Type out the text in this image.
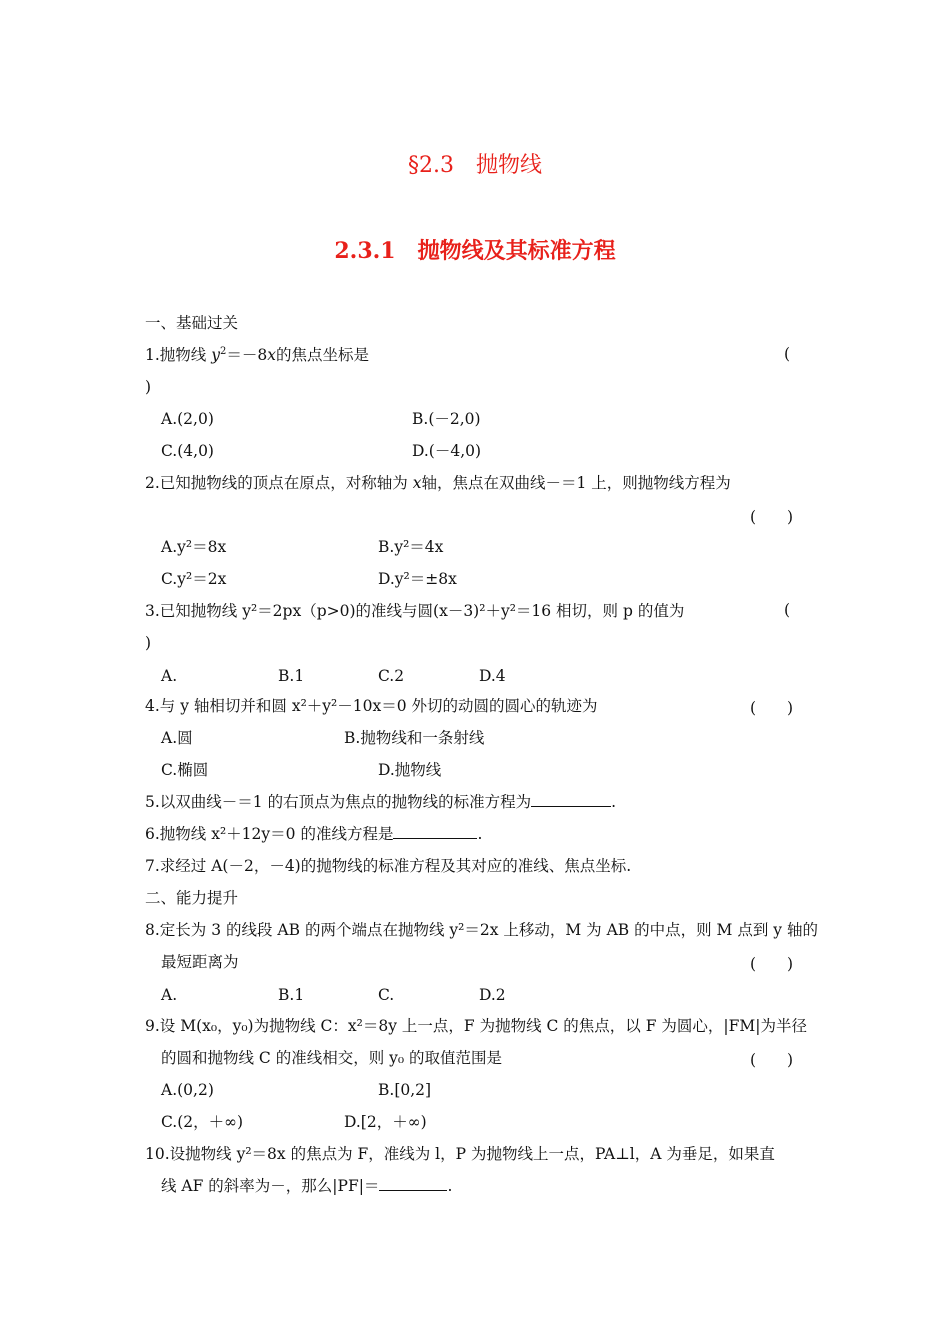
§2.3　抛物线
2.3.1　抛物线及其标准方程
一、基础过关
1.抛物线 $y^2=-8x$的焦点坐标是	(
)
A.(2,0)	B.(－2,0)
C.(4,0)	D.(－4,0)
2.已知抛物线的顶点在原点，对称轴为 x轴，焦点在双曲线－＝1 上，则抛物线方程为
(　　)
A.y²＝8x	B.y²＝4x
C.y²＝2x	D.y²＝±8x
3.已知抛物线 y²＝2px（p>0)的准线与圆(x－3)²＋y²＝16 相切，则 p 的值为	(
)
A.	B.1	C.2	D.4
4.与 y 轴相切并和圆 x²＋y²－10x＝0 外切的动圆的圆心的轨迹为	(　　)
A.圆	B.抛物线和一条射线
C.椭圆	D.抛物线
5.以双曲线－＝1 的右顶点为焦点的抛物线的标准方程为	.
6.抛物线 x²＋12y＝0 的准线方程是	.
7.求经过 A(－2，－4)的抛物线的标准方程及其对应的准线、焦点坐标.
二、能力提升
8.定长为 3 的线段 AB 的两个端点在抛物线 y²＝2x 上移动，M 为 AB 的中点，则 M 点到 y 轴的
最短距离为	(　　)
A.	B.1	C.	D.2
9.设 M(x₀，y₀)为抛物线 C：x²＝8y 上一点，F 为抛物线 C 的焦点，以 F 为圆心，|FM|为半径
的圆和抛物线 C 的准线相交，则 y₀ 的取值范围是	(　　)
A.(0,2)	B.[0,2]
C.(2，＋∞)	D.[2，＋∞)
10.设抛物线 y²＝8x 的焦点为 F，准线为 l，P 为抛物线上一点，PA⊥l，A 为垂足，如果直
线 AF 的斜率为－，那么|PF|＝	.
